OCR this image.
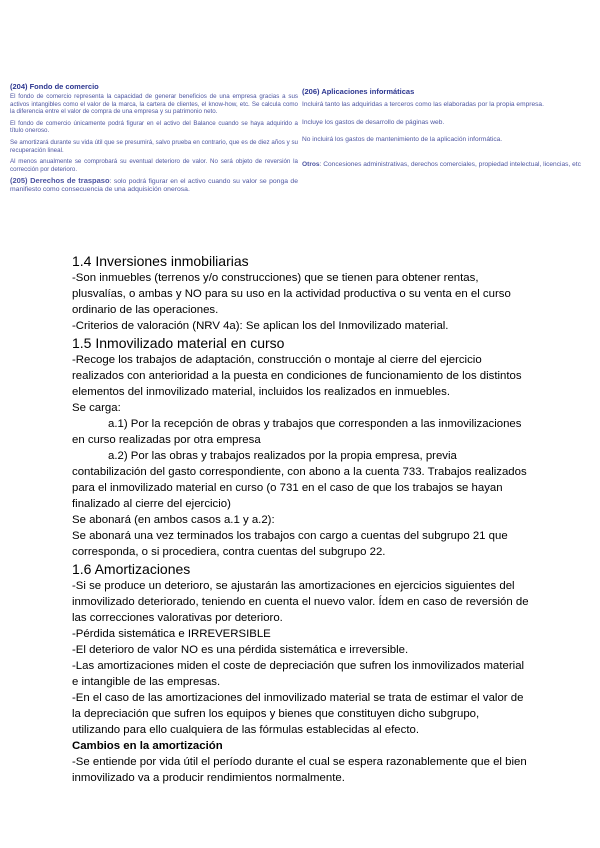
(204) Fondo de comercio

El fondo de comercio representa la capacidad de generar beneficios de una empresa gracias a sus activos intangibles como el valor de la marca, la cartera de clientes, el know-how, etc. Se calcula como la diferencia entre el valor de compra de una empresa y su patrimonio neto.

El fondo de comercio únicamente podrá figurar en el activo del Balance cuando se haya adquirido a título oneroso.

Se amortizará durante su vida útil que se presumirá, salvo prueba en contrario, que es de diez años y su recuperación lineal.

Al menos anualmente se comprobará su eventual deterioro de valor. No será objeto de reversión la corrección por deterioro.

(205) Derechos de traspaso: solo podrá figurar en el activo cuando su valor se ponga de manifiesto como consecuencia de una adquisición onerosa.

(206) Aplicaciones informáticas

Incluirá tanto las adquiridas a terceros como las elaboradas por la propia empresa.

Incluye los gastos de desarrollo de páginas web.

No incluirá los gastos de mantenimiento de la aplicación informática.

Otros: Concesiones administrativas, derechos comerciales, propiedad intelectual, licencias, etc

1.4 Inversiones inmobiliarias

-Son inmuebles (terrenos y/o construcciones) que se tienen para obtener rentas, plusvalías, o ambas y NO para su uso en la actividad productiva o su venta en el curso ordinario de las operaciones.

-Criterios de valoración (NRV 4a): Se aplican los del Inmovilizado material.

1.5 Inmovilizado material en curso

-Recoge los trabajos de adaptación, construcción o montaje al cierre del ejercicio realizados con anterioridad a la puesta en condiciones de funcionamiento de los distintos elementos del inmovilizado material, incluidos los realizados en inmuebles.

Se carga:

a.1) Por la recepción de obras y trabajos que corresponden a las inmovilizaciones en curso realizadas por otra empresa

a.2) Por las obras y trabajos realizados por la propia empresa, previa contabilización del gasto correspondiente, con abono a la cuenta 733. Trabajos realizados para el inmovilizado material en curso (o 731 en el caso de que los trabajos se hayan finalizado al cierre del ejercicio)

Se abonará (en ambos casos a.1 y a.2):

Se abonará una vez terminados los trabajos con cargo a cuentas del subgrupo 21 que corresponda, o si procediera, contra cuentas del subgrupo 22.

1.6 Amortizaciones

-Si se produce un deterioro, se ajustarán las amortizaciones en ejercicios siguientes del inmovilizado deteriorado, teniendo en cuenta el nuevo valor. Ídem en caso de reversión de las correcciones valorativas por deterioro.

-Pérdida sistemática e IRREVERSIBLE

-El deterioro de valor NO es una pérdida sistemática e irreversible.

-Las amortizaciones miden el coste de depreciación que sufren los inmovilizados material e intangible de las empresas.

-En el caso de las amortizaciones del inmovilizado material se trata de estimar el valor de la depreciación que sufren los equipos y bienes que constituyen dicho subgrupo, utilizando para ello cualquiera de las fórmulas establecidas al efecto.

Cambios en la amortización

-Se entiende por vida útil el período durante el cual se espera razonablemente que el bien inmovilizado va a producir rendimientos normalmente.
